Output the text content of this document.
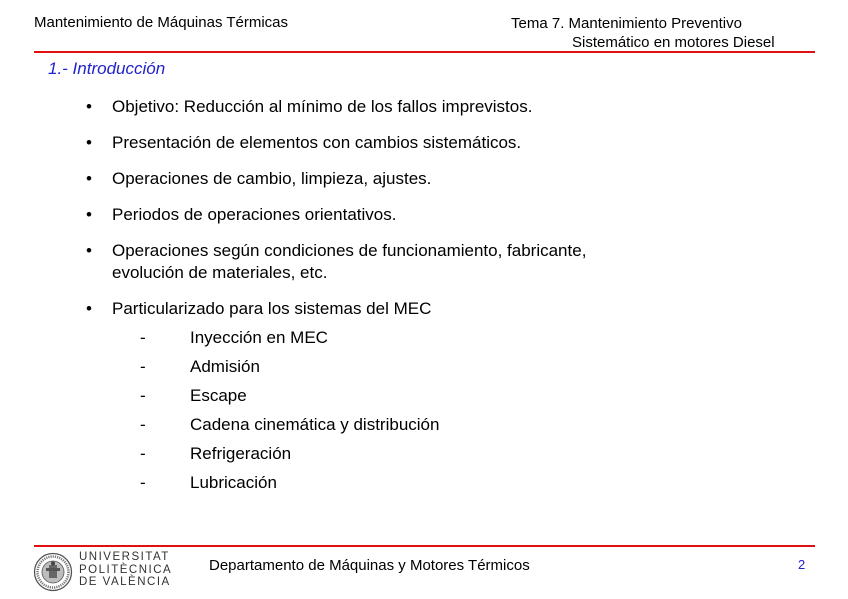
Mantenimiento de Máquinas Térmicas	Tema 7. Mantenimiento Preventivo
Sistemático en motores Diesel
1.- Introducción
• Objetivo: Reducción al mínimo de los fallos imprevistos.
• Presentación de elementos con cambios sistemáticos.
• Operaciones de cambio, limpieza, ajustes.
• Periodos de operaciones orientativos.
• Operaciones según condiciones de funcionamiento, fabricante, evolución de materiales, etc.
• Particularizado para los sistemas del MEC
-	Inyección en MEC
-	Admisión
-	Escape
-	Cadena cinemática y distribución
-	Refrigeración
-	Lubricación
UNIVERSITAT
POLITÈCNICA
DE VALÈNCIA
Departamento de Máquinas y Motores Térmicos	2
